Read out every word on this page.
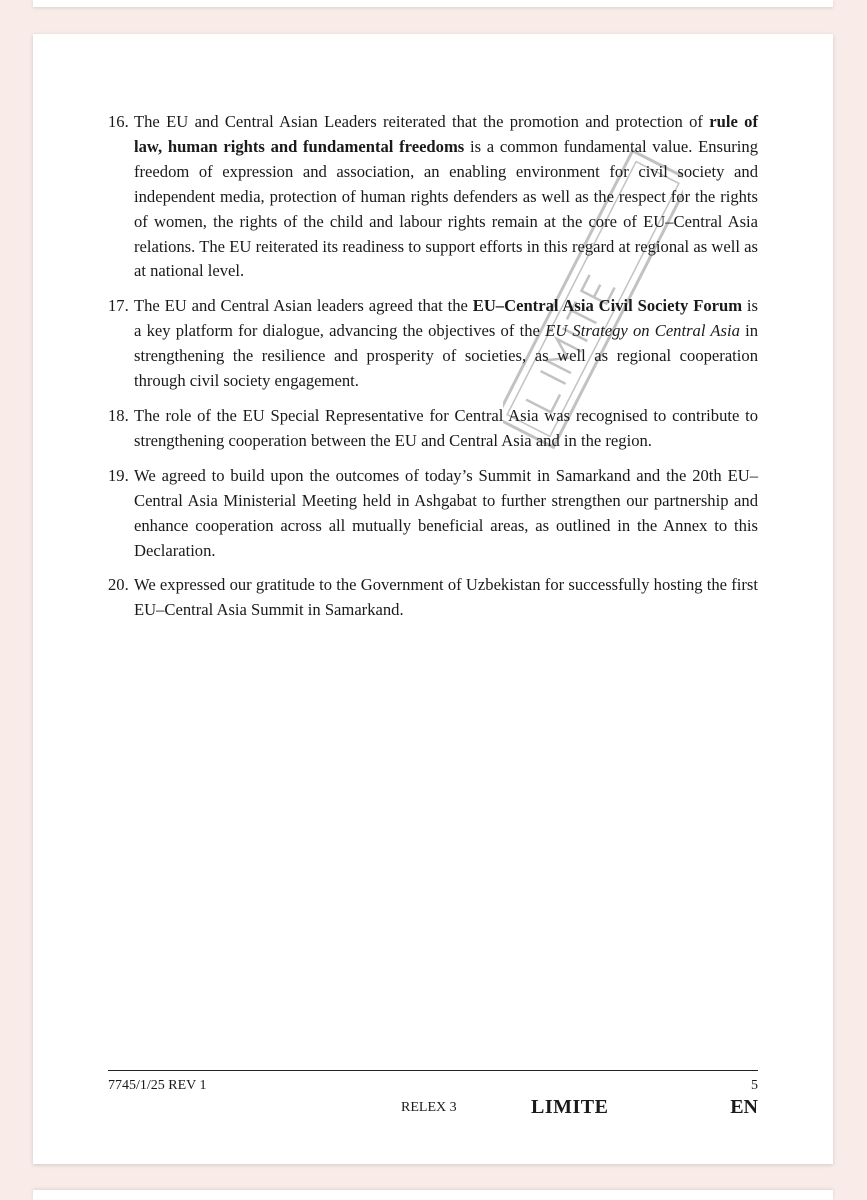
16. The EU and Central Asian Leaders reiterated that the promotion and protection of rule of law, human rights and fundamental freedoms is a common fundamental value. Ensuring freedom of expression and association, an enabling environment for civil society and independent media, protection of human rights defenders as well as the respect for the rights of women, the rights of the child and labour rights remain at the core of EU–Central Asia relations. The EU reiterated its readiness to support efforts in this regard at regional as well as at national level.
17. The EU and Central Asian leaders agreed that the EU–Central Asia Civil Society Forum is a key platform for dialogue, advancing the objectives of the EU Strategy on Central Asia in strengthening the resilience and prosperity of societies, as well as regional cooperation through civil society engagement.
18. The role of the EU Special Representative for Central Asia was recognised to contribute to strengthening cooperation between the EU and Central Asia and in the region.
19. We agreed to build upon the outcomes of today’s Summit in Samarkand and the 20th EU–Central Asia Ministerial Meeting held in Ashgabat to further strengthen our partnership and enhance cooperation across all mutually beneficial areas, as outlined in the Annex to this Declaration.
20. We expressed our gratitude to the Government of Uzbekistan for successfully hosting the first EU–Central Asia Summit in Samarkand.
7745/1/25 REV 1	5
RELEX 3	LIMITE	EN
